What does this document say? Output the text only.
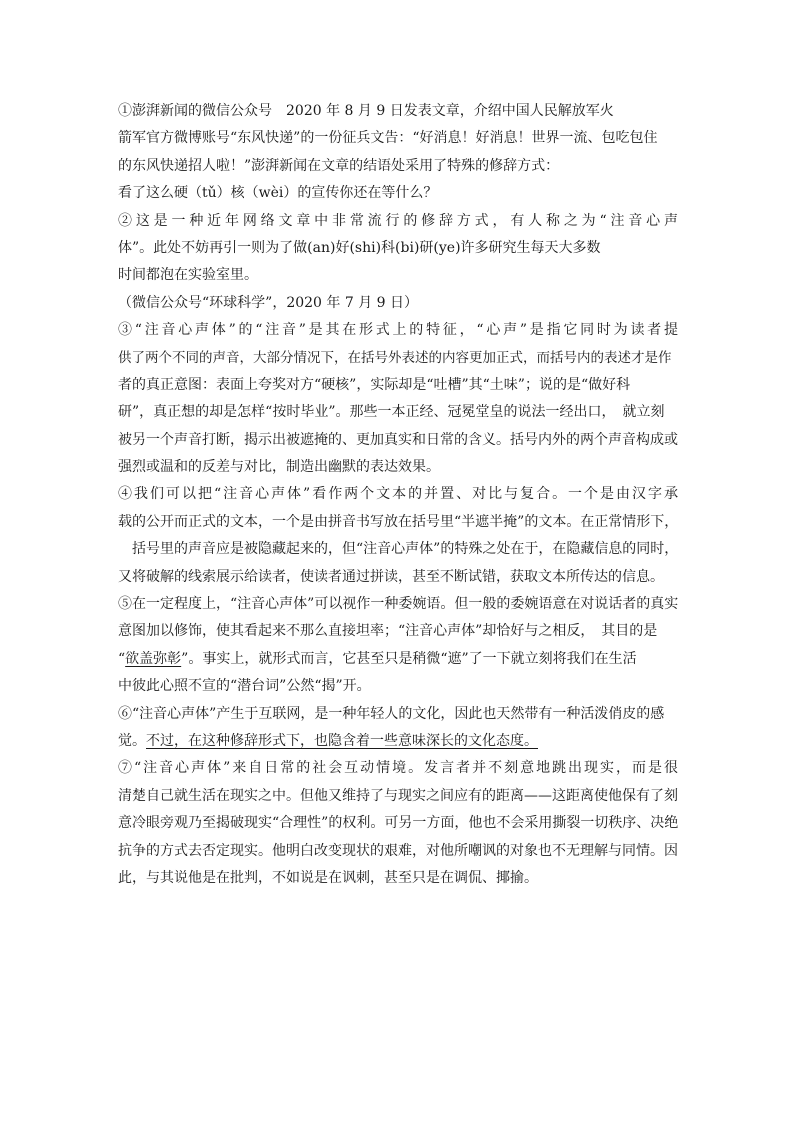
①澎湃新闻的微信公众号　2020 年 8 月 9 日发表文章，介绍中国人民解放军火
箭军官方微博账号“东风快递”的一份征兵文告：“好消息！好消息！世界一流、包吃包住
的东风快递招人啦！”澎湃新闻在文章的结语处采用了特殊的修辞方式：
看了这么硬（tǔ）核（wèi）的宣传你还在等什么？
②这是一种近年网络文章中非常流行的修辞方式，有人称之为“注音心声
体”。此处不妨再引一则为了做(an)好(shi)科(bi)研(ye)许多研究生每天大多数
时间都泡在实验室里。
（微信公众号“环球科学”，2020 年 7 月 9 日）
③“注音心声体”的“注音”是其在形式上的特征，“心声”是指它同时为读者提
供了两个不同的声音，大部分情况下，在括号外表述的内容更加正式，而括号内的表述才是作
者的真正意图：表面上夸奖对方“硬核”，实际却是“吐槽”其“土味”；说的是“做好科
研”，真正想的却是怎样“按时毕业”。那些一本正经、冠冕堂皇的说法一经出口，　就立刻
被另一个声音打断，揭示出被遮掩的、更加真实和日常的含义。括号内外的两个声音构成或
强烈或温和的反差与对比，制造出幽默的表达效果。
④我们可以把“注音心声体”看作两个文本的并置、对比与复合。一个是由汉字承
载的公开而正式的文本，一个是由拼音书写放在括号里“半遮半掩”的文本。在正常情形下，
括号里的声音应是被隐藏起来的，但“注音心声体”的特殊之处在于，在隐藏信息的同时，
又将破解的线索展示给读者，使读者通过拼读，甚至不断试错，获取文本所传达的信息。
⑤在一定程度上，“注音心声体”可以视作一种委婉语。但一般的委婉语意在对说话者的真实
意图加以修饰，使其看起来不那么直接坦率；“注音心声体”却恰好与之相反，　其目的是
“欲盖弥彰”。事实上，就形式而言，它甚至只是稍微“遮”了一下就立刻将我们在生活
中彼此心照不宣的“潜台词”公然“揭”开。
⑥“注音心声体”产生于互联网，是一种年轻人的文化，因此也天然带有一种活泼俏皮的感
觉。不过，在这种修辞形式下，也隐含着一些意味深长的文化态度。
⑦“注音心声体”来自日常的社会互动情境。发言者并不刻意地跳出现实，而是很
清楚自己就生活在现实之中。但他又维持了与现实之间应有的距离——这距离使他保有了刻
意冷眼旁观乃至揭破现实“合理性”的权利。可另一方面，他也不会采用撕裂一切秩序、决绝
抗争的方式去否定现实。他明白改变现状的艰难，对他所嘲讽的对象也不无理解与同情。因
此，与其说他是在批判，不如说是在讽刺，甚至只是在调侃、揶揄。
